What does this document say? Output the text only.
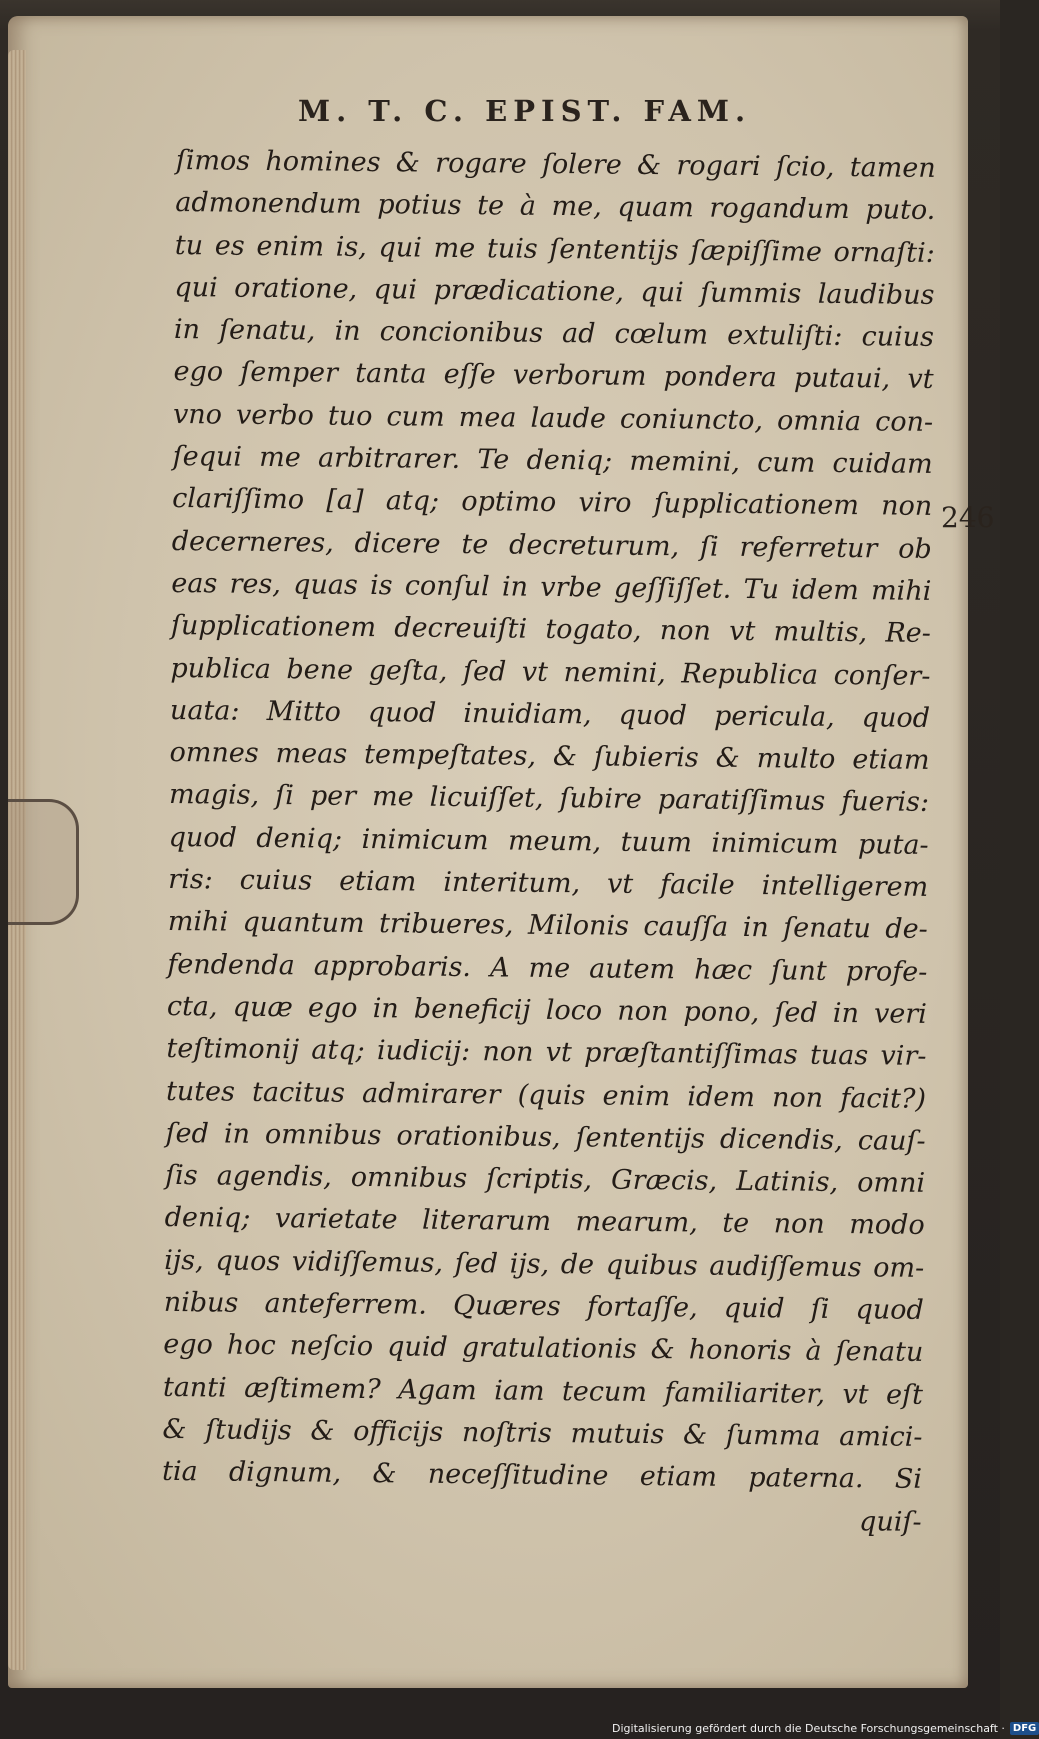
M. T. C. EPIST. FAM.
246
ſimos homines & rogare ſolere & rogari ſcio, tamen
admonendum potius te à me, quam rogandum puto.
tu es enim is, qui me tuis ſententijs ſæpiſſime ornaſti:
qui oratione, qui prædicatione, qui ſummis laudibus
in ſenatu, in concionibus ad cœlum extuliſti: cuius
ego ſemper tanta eſſe verborum pondera putaui, vt
vno verbo tuo cum mea laude coniuncto, omnia con-
ſequi me arbitrarer. Te deniq; memini, cum cuidam
clariſſimo [a] atq; optimo viro ſupplicationem non
decerneres, dicere te decreturum, ſi referretur ob
eas res, quas is conſul in vrbe geſſiſſet. Tu idem mihi
ſupplicationem decreuiſti togato, non vt multis, Re-
publica bene geſta, ſed vt nemini, Republica conſer-
uata: Mitto quod inuidiam, quod pericula, quod
omnes meas tempeſtates, & ſubieris & multo etiam
magis, ſi per me licuiſſet, ſubire paratiſſimus fueris:
quod deniq; inimicum meum, tuum inimicum puta-
ris: cuius etiam interitum, vt facile intelligerem
mihi quantum tribueres, Milonis cauſſa in ſenatu de-
fendenda approbaris. A me autem hæc ſunt profe-
cta, quæ ego in beneficij loco non pono, ſed in veri
teſtimonij atq; iudicij: non vt præſtantiſſimas tuas vir-
tutes tacitus admirarer (quis enim idem non facit?)
ſed in omnibus orationibus, ſententijs dicendis, cauſ-
ſis agendis, omnibus ſcriptis, Græcis, Latinis, omni
deniq; varietate literarum mearum, te non modo
ijs, quos vidiſſemus, ſed ijs, de quibus audiſſemus om-
nibus anteferrem. Quæres fortaſſe, quid ſi quod
ego hoc neſcio quid gratulationis & honoris à ſenatu
tanti æſtimem? Agam iam tecum familiariter, vt eſt
& ſtudijs & officijs noſtris mutuis & ſumma amici-
tia dignum, & neceſſitudine etiam paterna. Si
quiſ-
Digitalisierung gefördert durch die Deutsche Forschungsgemeinschaft · DFG
